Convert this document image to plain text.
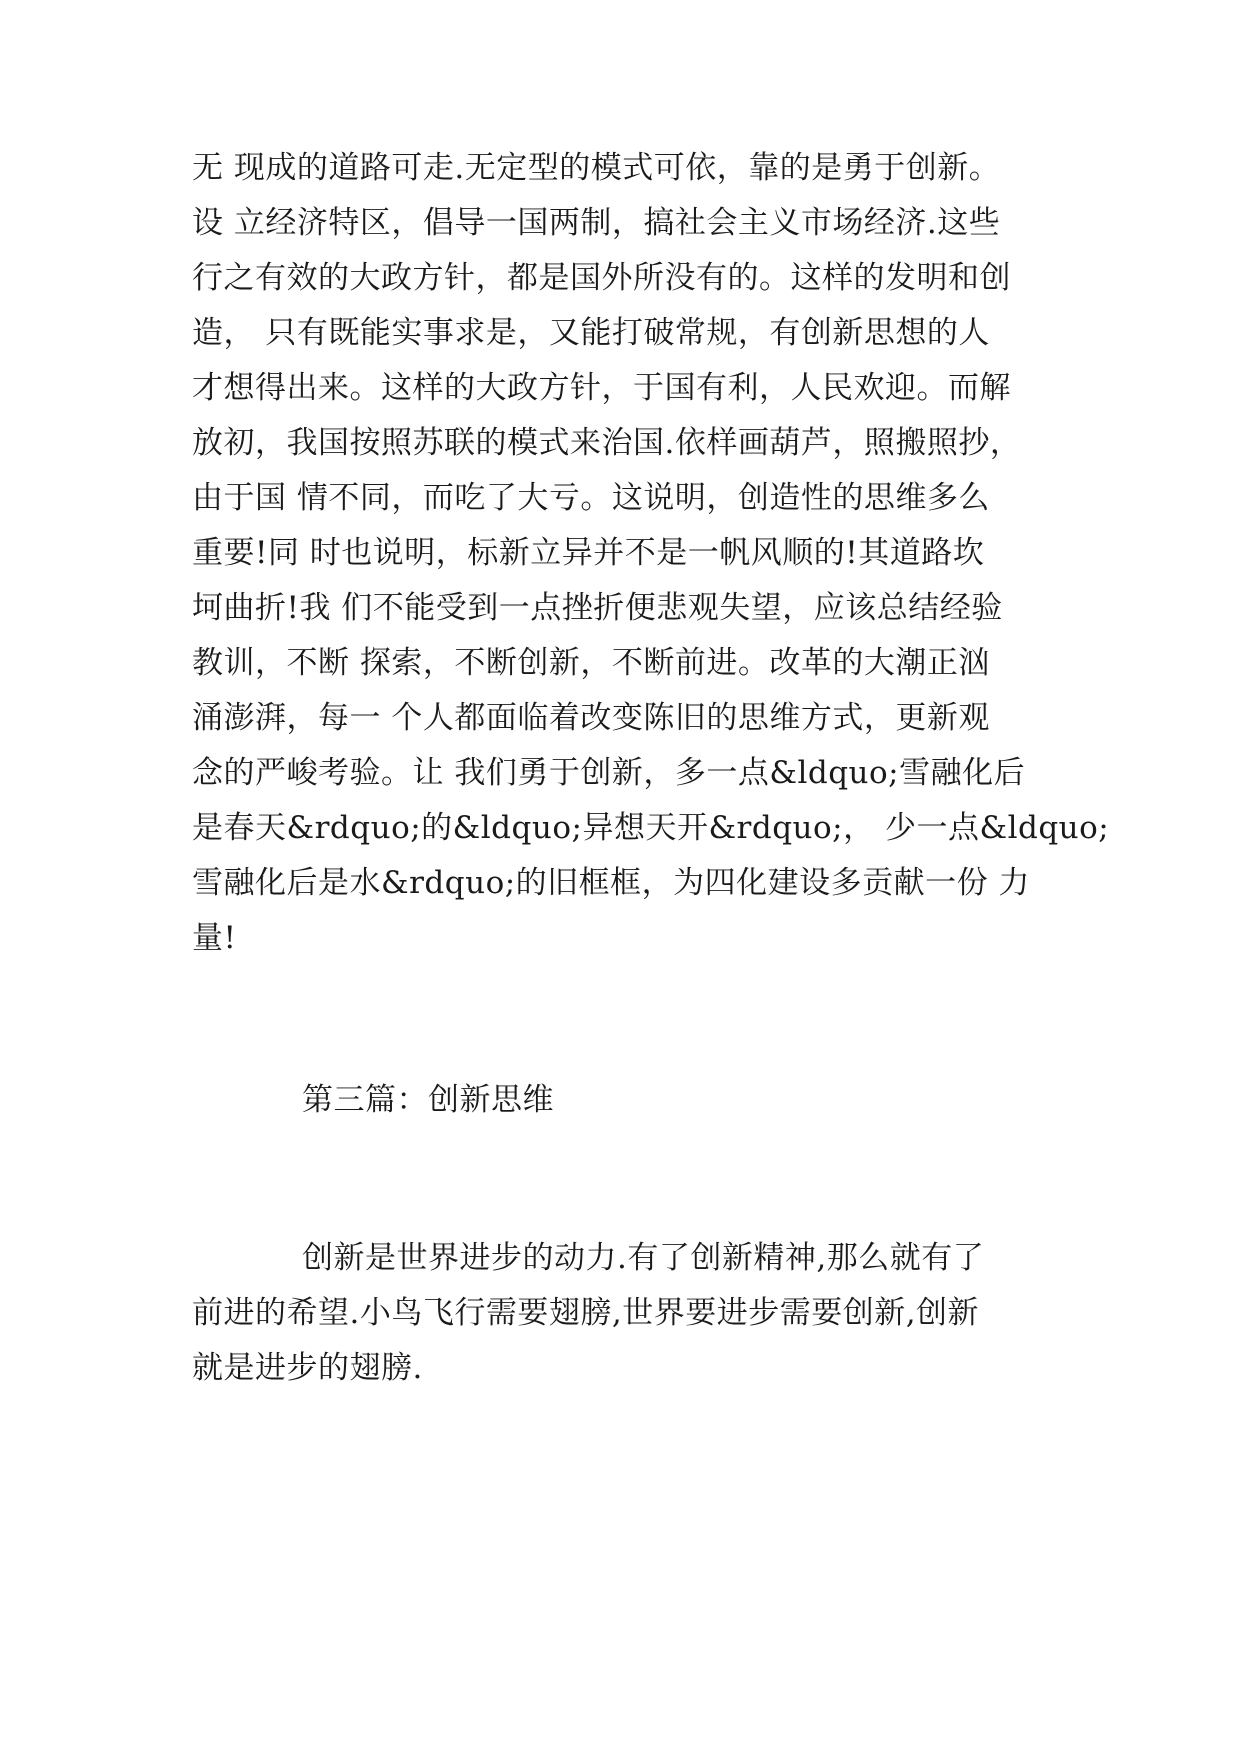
无 现成的道路可走.无定型的模式可依，靠的是勇于创新。
设 立经济特区，倡导一国两制，搞社会主义市场经济.这些
行之有效的大政方针，都是国外所没有的。这样的发明和创
造， 只有既能实事求是，又能打破常规，有创新思想的人
才想得出来。这样的大政方针，于国有利，人民欢迎。而解
放初，我国按照苏联的模式来治国.依样画葫芦，照搬照抄，
由于国 情不同，而吃了大亏。这说明，创造性的思维多么
重要!同 时也说明，标新立异并不是一帆风顺的!其道路坎
坷曲折!我 们不能受到一点挫折便悲观失望，应该总结经验
教训，不断 探索，不断创新，不断前进。改革的大潮正汹
涌澎湃，每一 个人都面临着改变陈旧的思维方式，更新观
念的严峻考验。让 我们勇于创新，多一点&ldquo;雪融化后
是春天&rdquo;的&ldquo;异想天开&rdquo;， 少一点&ldquo;
雪融化后是水&rdquo;的旧框框，为四化建设多贡献一份 力
量!
第三篇：创新思维
创新是世界进步的动力.有了创新精神,那么就有了
前进的希望.小鸟飞行需要翅膀,世界要进步需要创新,创新
就是进步的翅膀.
